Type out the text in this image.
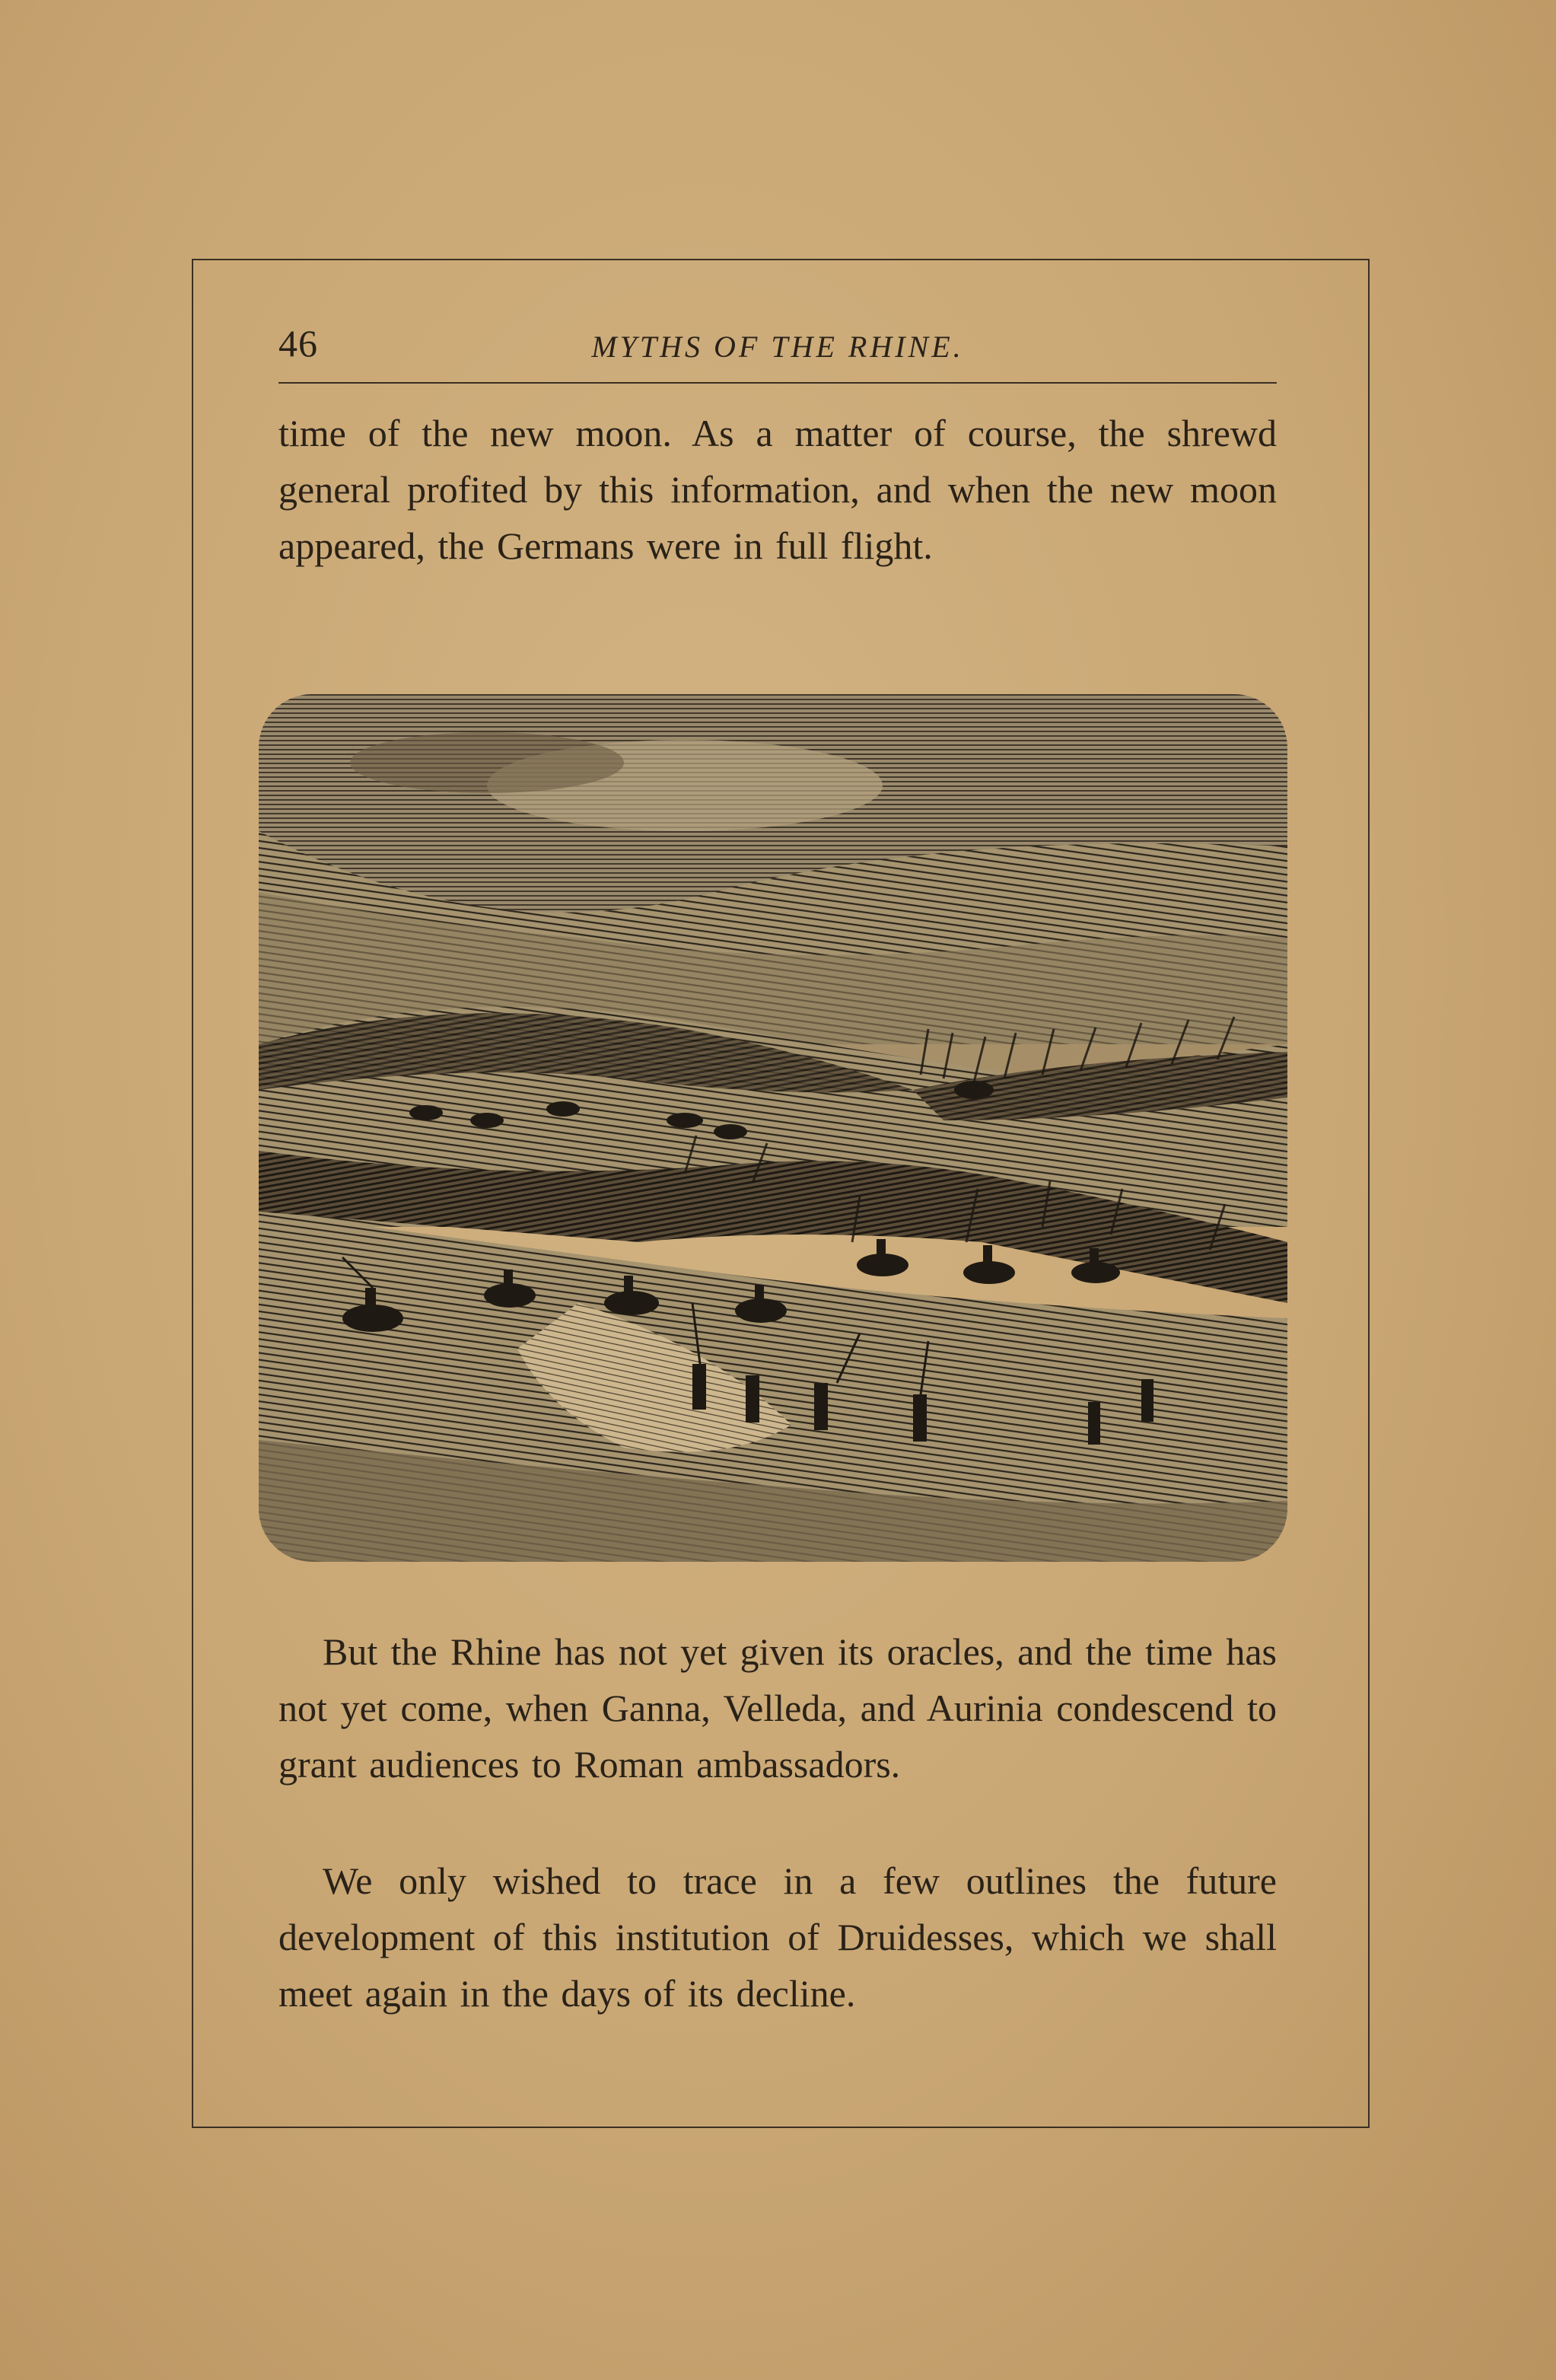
46	MYTHS OF THE RHINE.

time of the new moon. As a matter of course, the shrewd general profited by this information, and when the new moon appeared, the Germans were in full flight.

But the Rhine has not yet given its oracles, and the time has not yet come, when Ganna, Velleda, and Aurinia condescend to grant audiences to Roman ambassadors.

We only wished to trace in a few outlines the future development of this institution of Druidesses, which we shall meet again in the days of its decline.
